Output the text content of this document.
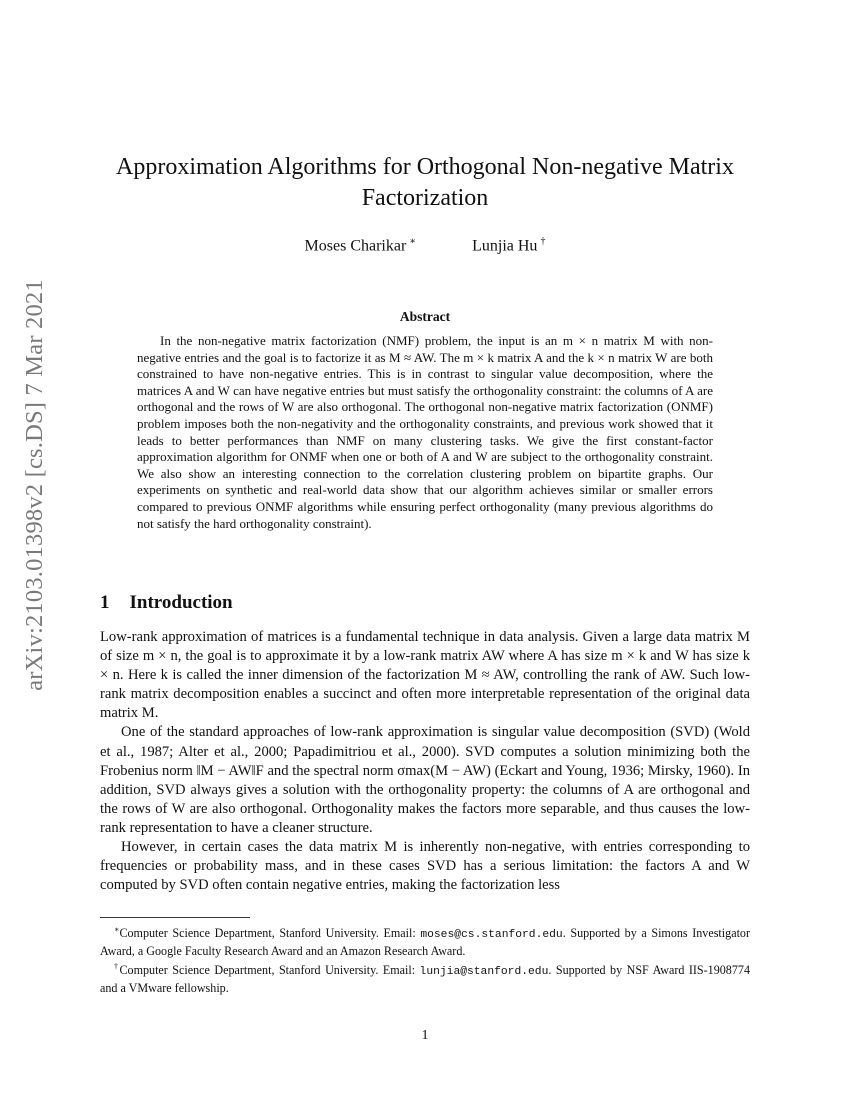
arXiv:2103.01398v2 [cs.DS] 7 Mar 2021
Approximation Algorithms for Orthogonal Non-negative Matrix Factorization
Moses Charikar ∗	Lunjia Hu †
Abstract

In the non-negative matrix factorization (NMF) problem, the input is an m × n matrix M with non-negative entries and the goal is to factorize it as M ≈ AW. The m × k matrix A and the k × n matrix W are both constrained to have non-negative entries. This is in contrast to singular value decomposition, where the matrices A and W can have negative entries but must satisfy the orthogonality constraint: the columns of A are orthogonal and the rows of W are also orthogonal. The orthogonal non-negative matrix factorization (ONMF) problem imposes both the non-negativity and the orthogonality constraints, and previous work showed that it leads to better performances than NMF on many clustering tasks. We give the first constant-factor approximation algorithm for ONMF when one or both of A and W are subject to the orthogonality constraint. We also show an interesting connection to the correlation clustering problem on bipartite graphs. Our experiments on synthetic and real-world data show that our algorithm achieves similar or smaller errors compared to previous ONMF algorithms while ensuring perfect orthogonality (many previous algorithms do not satisfy the hard orthogonality constraint).

1 Introduction

Low-rank approximation of matrices is a fundamental technique in data analysis. Given a large data matrix M of size m × n, the goal is to approximate it by a low-rank matrix AW where A has size m × k and W has size k × n. Here k is called the inner dimension of the factorization M ≈ AW, controlling the rank of AW. Such low-rank matrix decomposition enables a succinct and often more interpretable representation of the original data matrix M.

One of the standard approaches of low-rank approximation is singular value decomposition (SVD) (Wold et al., 1987; Alter et al., 2000; Papadimitriou et al., 2000). SVD computes a solution minimizing both the Frobenius norm ‖M − AW‖F and the spectral norm σmax(M − AW) (Eckart and Young, 1936; Mirsky, 1960). In addition, SVD always gives a solution with the orthogonality property: the columns of A are orthogonal and the rows of W are also orthogonal. Orthogonality makes the factors more separable, and thus causes the low-rank representation to have a cleaner structure.

However, in certain cases the data matrix M is inherently non-negative, with entries corresponding to frequencies or probability mass, and in these cases SVD has a serious limitation: the factors A and W computed by SVD often contain negative entries, making the factorization less

∗Computer Science Department, Stanford University. Email: moses@cs.stanford.edu. Supported by a Simons Investigator Award, a Google Faculty Research Award and an Amazon Research Award.

†Computer Science Department, Stanford University. Email: lunjia@stanford.edu. Supported by NSF Award IIS-1908774 and a VMware fellowship.

1
